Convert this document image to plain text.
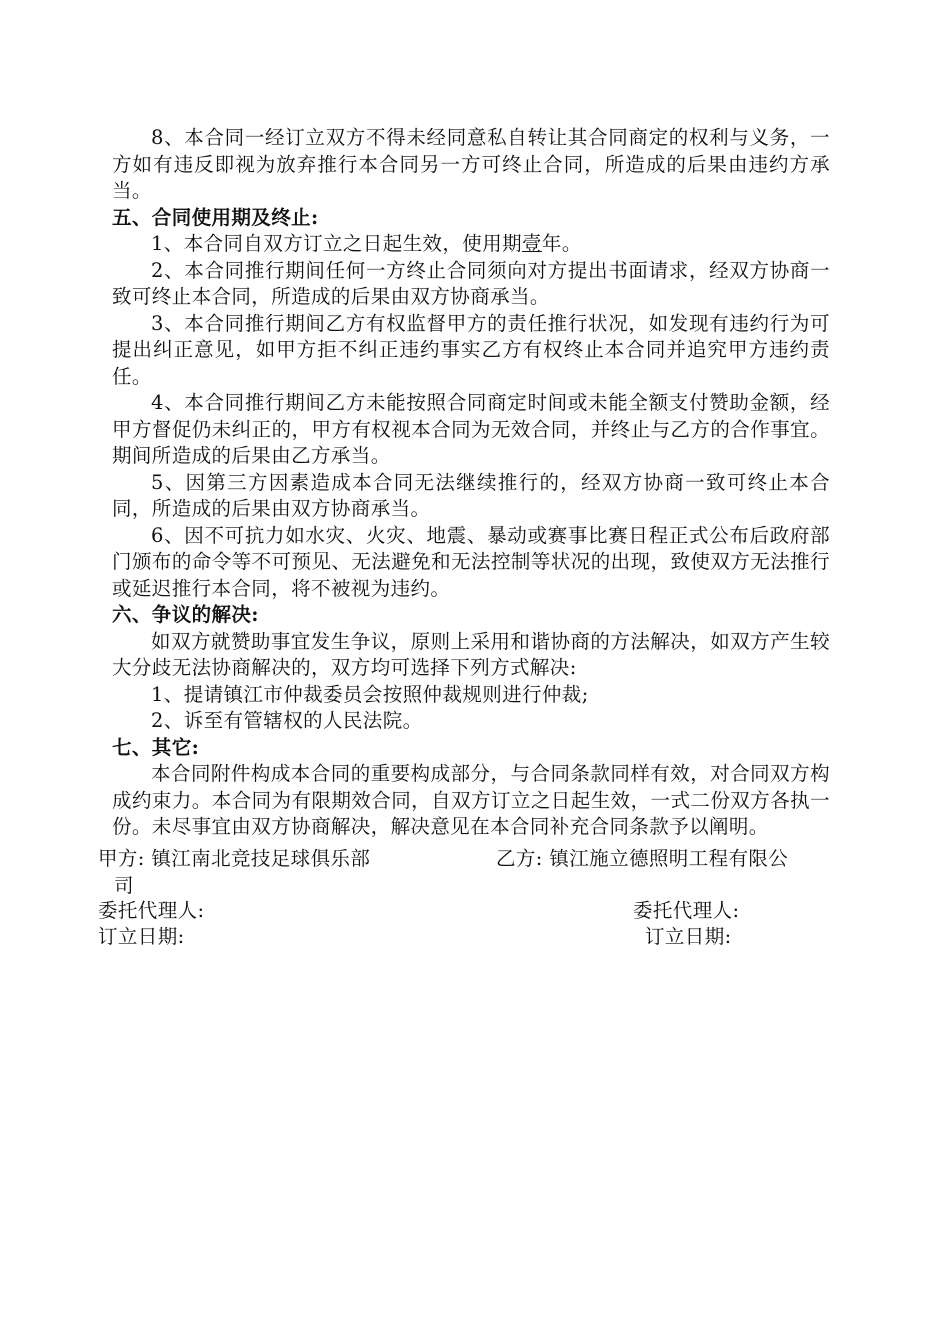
8、本合同一经订立双方不得未经同意私自转让其合同商定的权利与义务，一方如有违反即视为放弃推行本合同另一方可终止合同，所造成的后果由违约方承当。

五、合同使用期及终止:

1、本合同自双方订立之日起生效，使用期壹年。

2、本合同推行期间任何一方终止合同须向对方提出书面请求，经双方协商一致可终止本合同，所造成的后果由双方协商承当。

3、本合同推行期间乙方有权监督甲方的责任推行状况，如发现有违约行为可提出纠正意见，如甲方拒不纠正违约事实乙方有权终止本合同并追究甲方违约责任。

4、本合同推行期间乙方未能按照合同商定时间或未能全额支付赞助金额，经甲方督促仍未纠正的，甲方有权视本合同为无效合同，并终止与乙方的合作事宜。期间所造成的后果由乙方承当。

5、因第三方因素造成本合同无法继续推行的，经双方协商一致可终止本合同，所造成的后果由双方协商承当。

6、因不可抗力如水灾、火灾、地震、暴动或赛事比赛日程正式公布后政府部门颁布的命令等不可预见、无法避免和无法控制等状况的出现，致使双方无法推行或延迟推行本合同，将不被视为违约。

六、争议的解决:

如双方就赞助事宜发生争议，原则上采用和谐协商的方法解决，如双方产生较大分歧无法协商解决的，双方均可选择下列方式解决:

1、提请镇江市仲裁委员会按照仲裁规则进行仲裁;

2、诉至有管辖权的人民法院。

七、其它:

本合同附件构成本合同的重要构成部分，与合同条款同样有效，对合同双方构成约束力。本合同为有限期效合同，自双方订立之日起生效，一式二份双方各执一份。未尽事宜由双方协商解决，解决意见在本合同补充合同条款予以阐明。

甲方: 镇江南北竞技足球俱乐部
司
乙方: 镇江施立德照明工程有限公
委托代理人:	委托代理人:
订立日期:	订立日期:
